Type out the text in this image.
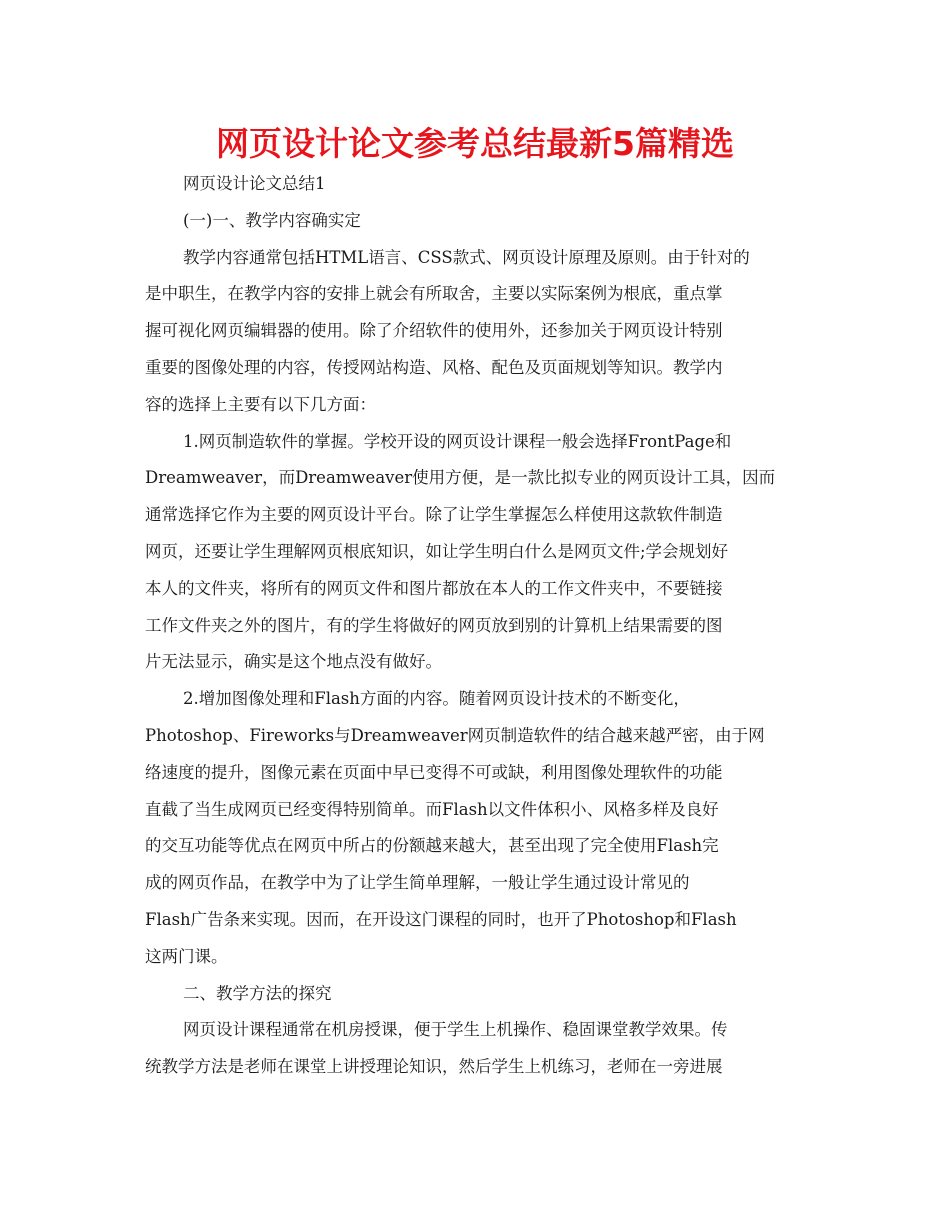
网页设计论文参考总结最新5篇精选
网页设计论文总结1
(一)一、教学内容确实定
教学内容通常包括HTML语言、CSS款式、网页设计原理及原则。由于针对的
是中职生，在教学内容的安排上就会有所取舍，主要以实际案例为根底，重点掌
握可视化网页编辑器的使用。除了介绍软件的使用外，还参加关于网页设计特别
重要的图像处理的内容，传授网站构造、风格、配色及页面规划等知识。教学内
容的选择上主要有以下几方面：
1.网页制造软件的掌握。学校开设的网页设计课程一般会选择FrontPage和
Dreamweaver，而Dreamweaver使用方便，是一款比拟专业的网页设计工具，因而
通常选择它作为主要的网页设计平台。除了让学生掌握怎么样使用这款软件制造
网页，还要让学生理解网页根底知识，如让学生明白什么是网页文件;学会规划好
本人的文件夹，将所有的网页文件和图片都放在本人的工作文件夹中，不要链接
工作文件夹之外的图片，有的学生将做好的网页放到别的计算机上结果需要的图
片无法显示，确实是这个地点没有做好。
2.增加图像处理和Flash方面的内容。随着网页设计技术的不断变化，
Photoshop、Fireworks与Dreamweaver网页制造软件的结合越来越严密，由于网
络速度的提升，图像元素在页面中早已变得不可或缺，利用图像处理软件的功能
直截了当生成网页已经变得特别简单。而Flash以文件体积小、风格多样及良好
的交互功能等优点在网页中所占的份额越来越大，甚至出现了完全使用Flash完
成的网页作品，在教学中为了让学生简单理解，一般让学生通过设计常见的
Flash广告条来实现。因而，在开设这门课程的同时，也开了Photoshop和Flash
这两门课。
二、教学方法的探究
网页设计课程通常在机房授课，便于学生上机操作、稳固课堂教学效果。传
统教学方法是老师在课堂上讲授理论知识，然后学生上机练习，老师在一旁进展
